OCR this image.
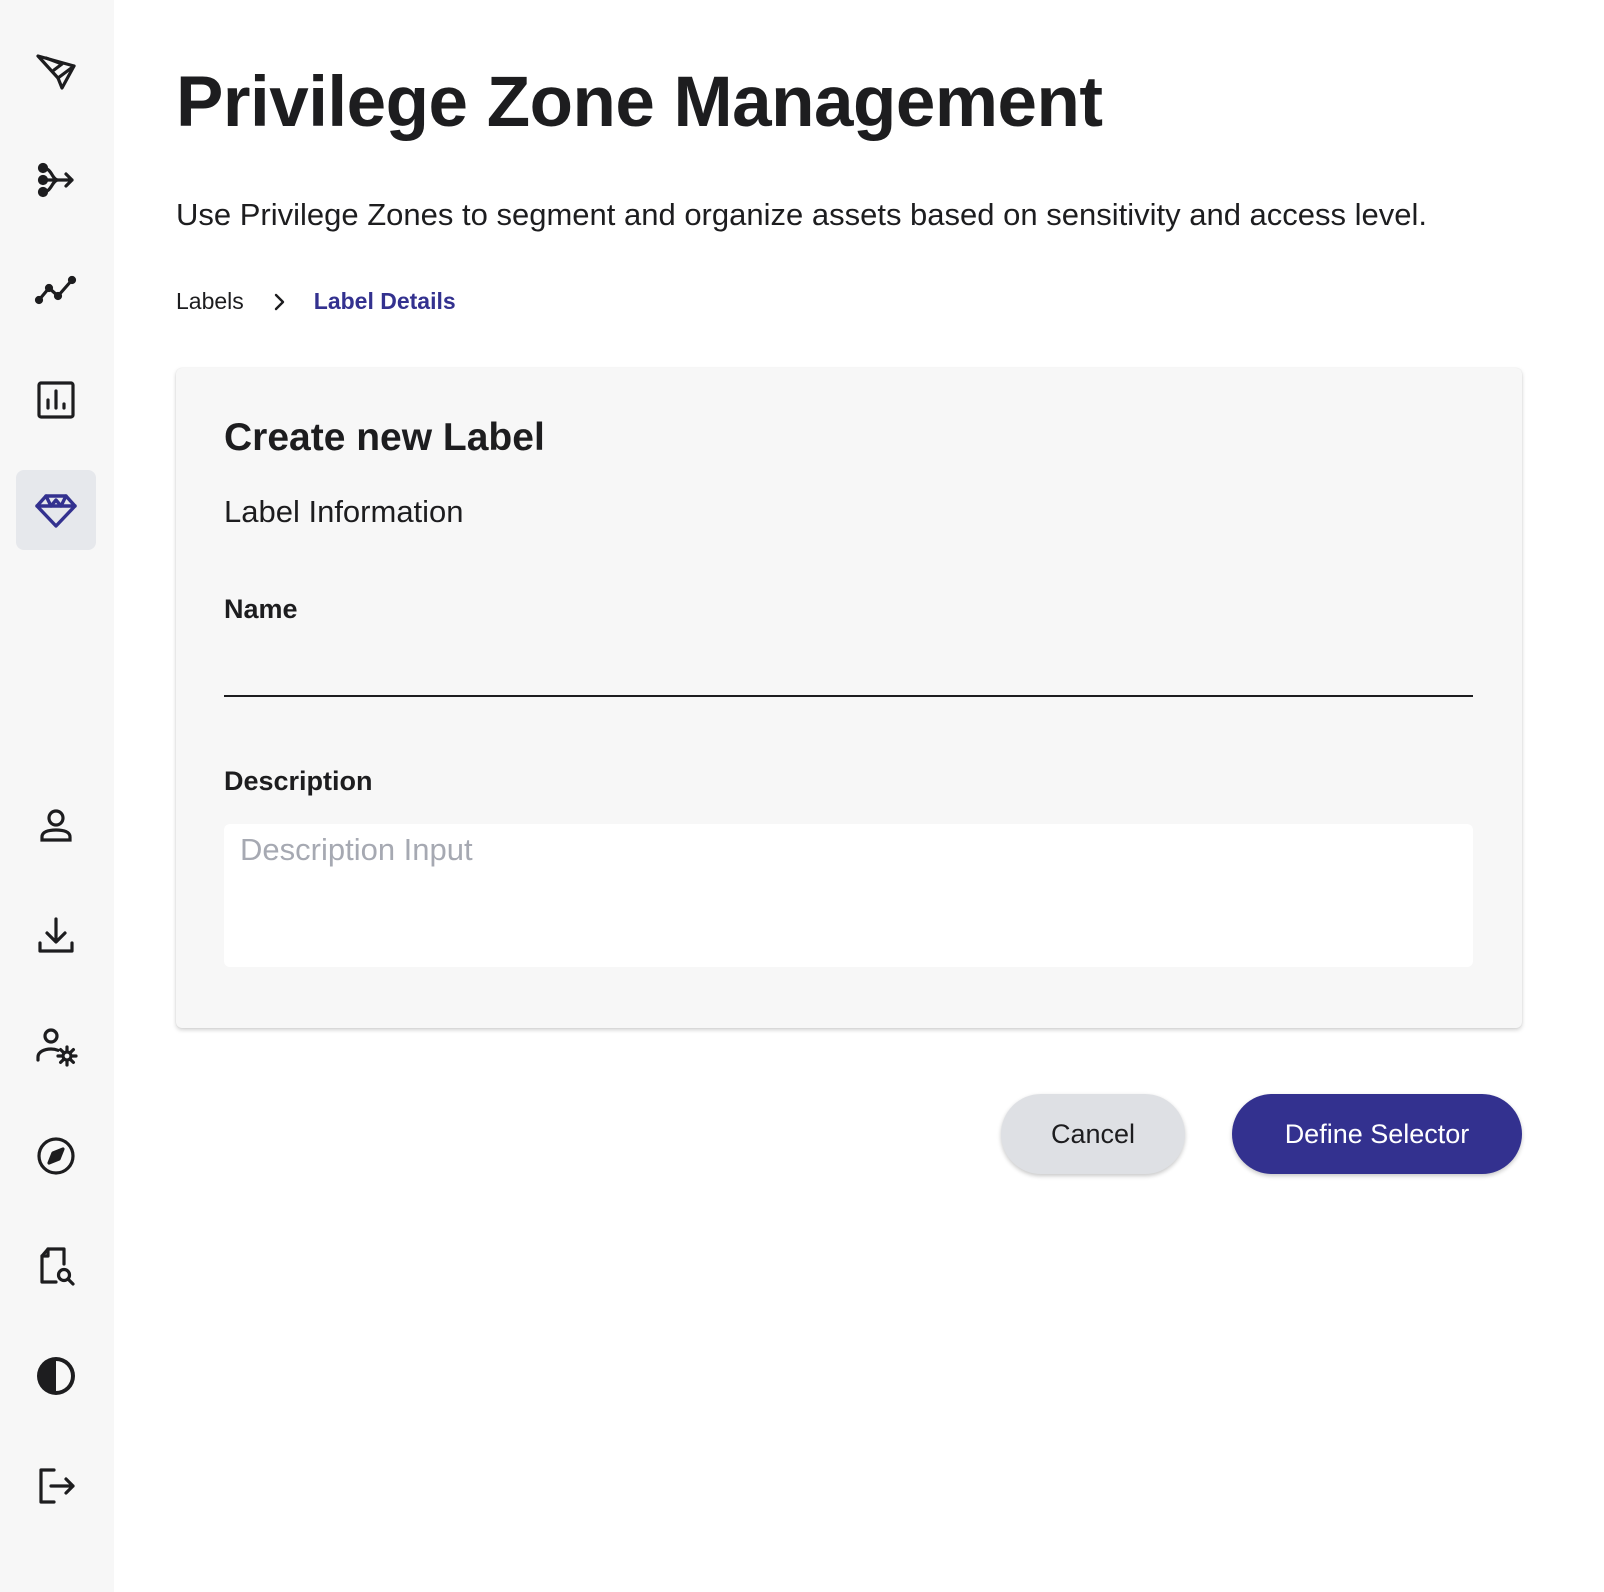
Privilege Zone Management

Use Privilege Zones to segment and organize assets based on sensitivity and access level.

Labels	Label Details
Create new Label
Label Information
Name
Description
Description Input
Cancel	Define Selector
